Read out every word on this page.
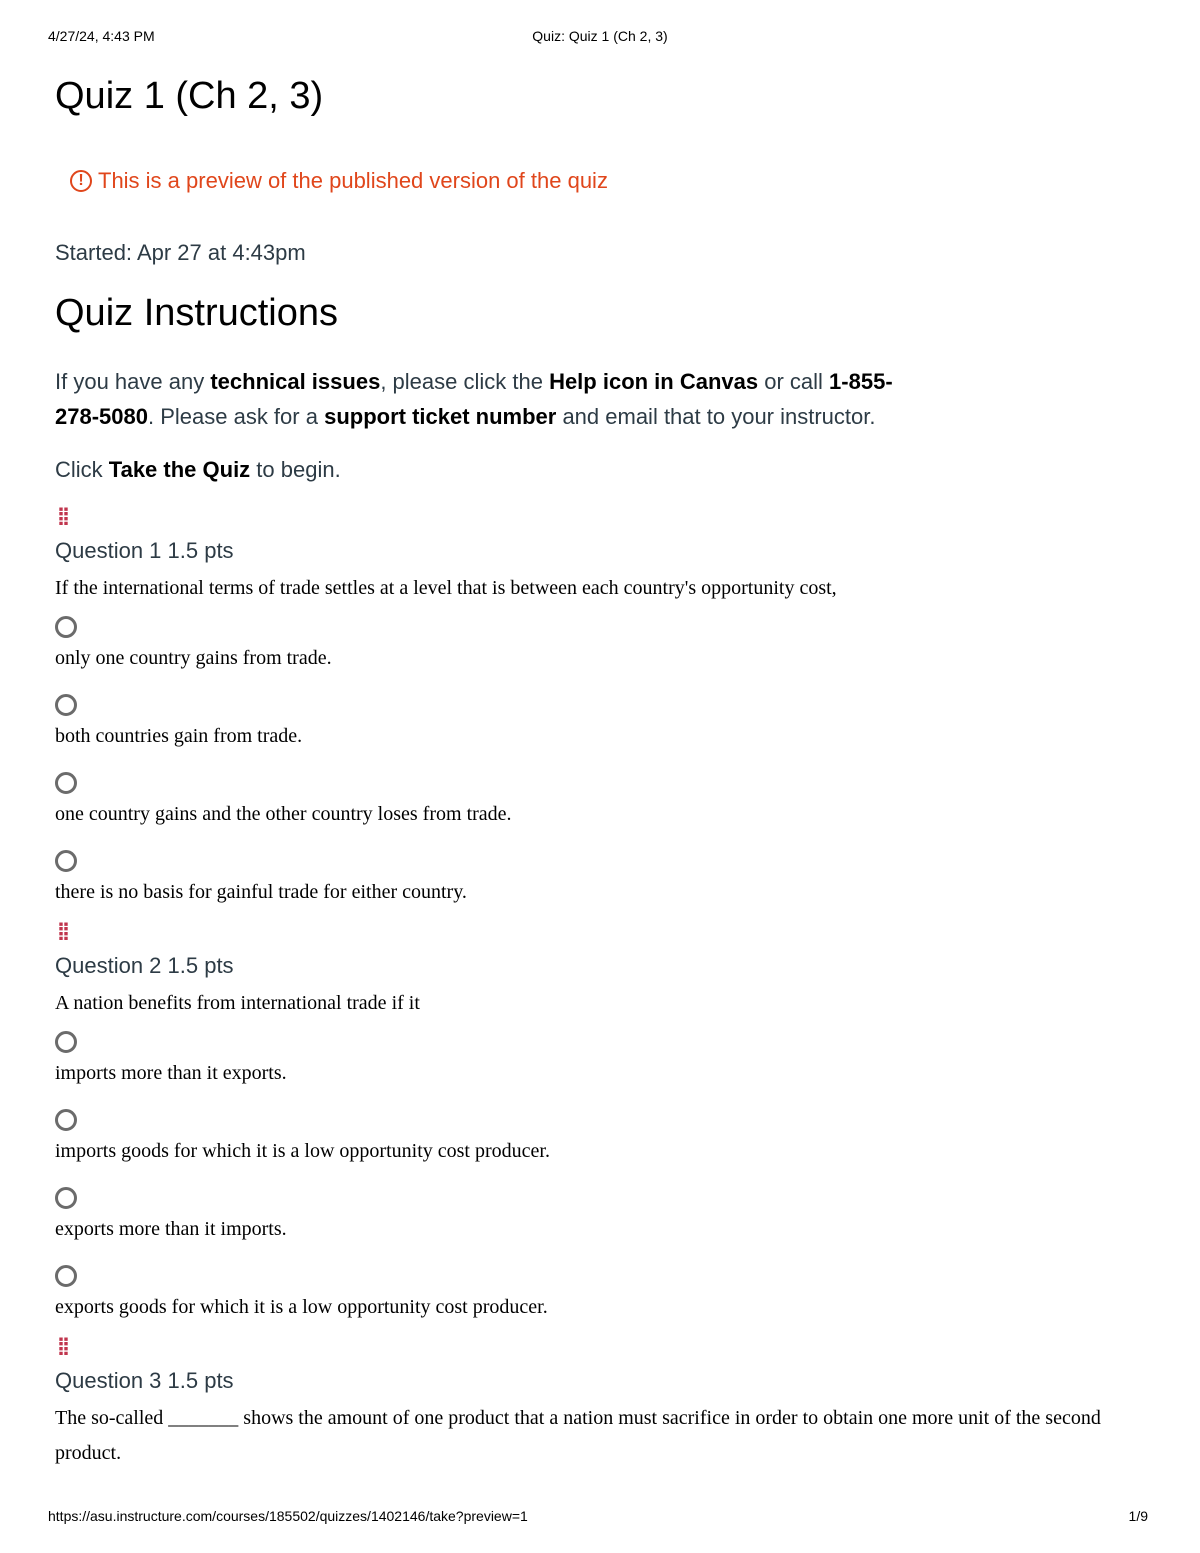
4/27/24, 4:43 PM	Quiz: Quiz 1 (Ch 2, 3)
Quiz 1 (Ch 2, 3)
! This is a preview of the published version of the quiz
Started: Apr 27 at 4:43pm
Quiz Instructions
If you have any technical issues, please click the Help icon in Canvas or call 1-855-278-5080. Please ask for a support ticket number and email that to your instructor.
Click Take the Quiz to begin.
⁞⁞
Question 1 1.5 pts
If the international terms of trade settles at a level that is between each country's opportunity cost,
only one country gains from trade.
both countries gain from trade.
one country gains and the other country loses from trade.
there is no basis for gainful trade for either country.
⁞⁞
Question 2 1.5 pts
A nation benefits from international trade if it
imports more than it exports.
imports goods for which it is a low opportunity cost producer.
exports more than it imports.
exports goods for which it is a low opportunity cost producer.
⁞⁞
Question 3 1.5 pts
The so-called _______ shows the amount of one product that a nation must sacrifice in order to obtain one more unit of the second product.
https://asu.instructure.com/courses/185502/quizzes/1402146/take?preview=1	1/9
